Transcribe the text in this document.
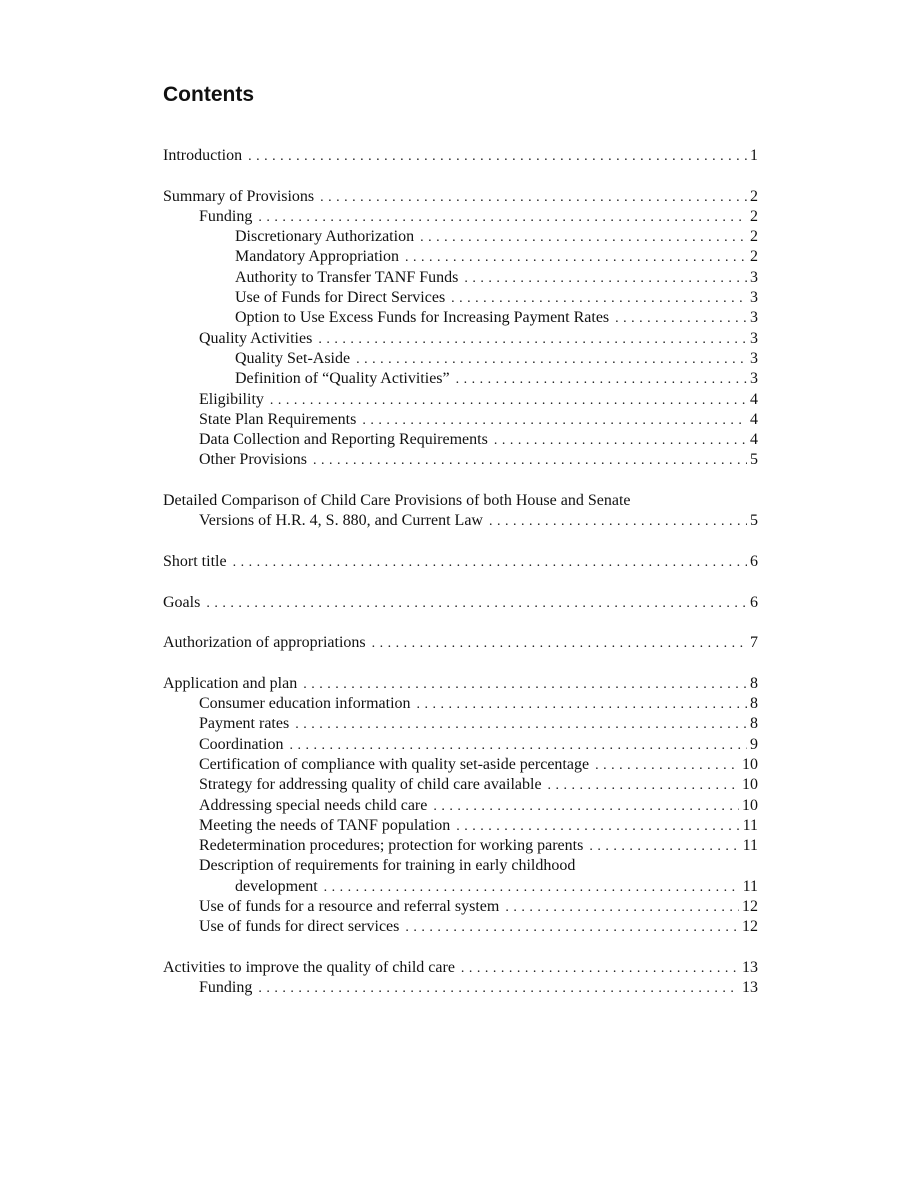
Contents
Introduction . . .	1
Summary of Provisions . . .	2
Funding . . .	2
Discretionary Authorization . . .	2
Mandatory Appropriation . . .	2
Authority to Transfer TANF Funds . . .	3
Use of Funds for Direct Services . . .	3
Option to Use Excess Funds for Increasing Payment Rates . . .	3
Quality Activities . . .	3
Quality Set-Aside . . .	3
Definition of “Quality Activities” . . .	3
Eligibility . . .	4
State Plan Requirements . . .	4
Data Collection and Reporting Requirements . . .	4
Other Provisions . . .	5
Detailed Comparison of Child Care Provisions of both House and Senate
Versions of H.R. 4, S. 880, and Current Law . . .	5
Short title . . .	6
Goals . . .	6
Authorization of appropriations . . .	7
Application and plan . . .	8
Consumer education information . . .	8
Payment rates . . .	8
Coordination . . .	9
Certification of compliance with quality set-aside percentage . . .	10
Strategy for addressing quality of child care available . . .	10
Addressing special needs child care . . .	10
Meeting the needs of TANF population . . .	11
Redetermination procedures; protection for working parents . . .	11
Description of requirements for training in early childhood
development . . .	11
Use of funds for a resource and referral system . . .	12
Use of funds for direct services . . .	12
Activities to improve the quality of child care . . .	13
Funding . . .	13
